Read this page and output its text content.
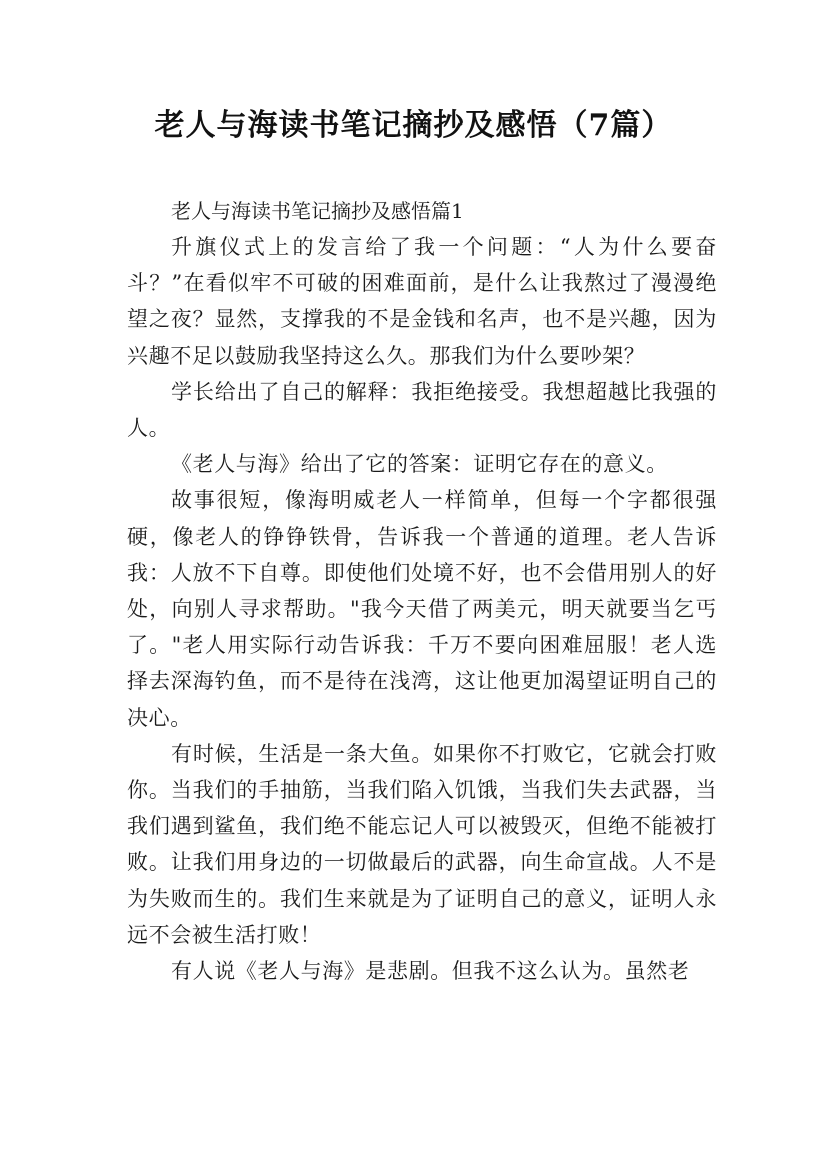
老人与海读书笔记摘抄及感悟（7篇）

老人与海读书笔记摘抄及感悟篇1

升旗仪式上的发言给了我一个问题：“人为什么要奋斗？”在看似牢不可破的困难面前，是什么让我熬过了漫漫绝望之夜？显然，支撑我的不是金钱和名声，也不是兴趣，因为兴趣不足以鼓励我坚持这么久。那我们为什么要吵架？

学长给出了自己的解释：我拒绝接受。我想超越比我强的人。

《老人与海》给出了它的答案：证明它存在的意义。

故事很短，像海明威老人一样简单，但每一个字都很强硬，像老人的铮铮铁骨，告诉我一个普通的道理。老人告诉我：人放不下自尊。即使他们处境不好，也不会借用别人的好处，向别人寻求帮助。"我今天借了两美元，明天就要当乞丐了。"老人用实际行动告诉我：千万不要向困难屈服！老人选择去深海钓鱼，而不是待在浅湾，这让他更加渴望证明自己的决心。

有时候，生活是一条大鱼。如果你不打败它，它就会打败你。当我们的手抽筋，当我们陷入饥饿，当我们失去武器，当我们遇到鲨鱼，我们绝不能忘记人可以被毁灭，但绝不能被打败。让我们用身边的一切做最后的武器，向生命宣战。人不是为失败而生的。我们生来就是为了证明自己的意义，证明人永远不会被生活打败！

有人说《老人与海》是悲剧。但我不这么认为。虽然老
